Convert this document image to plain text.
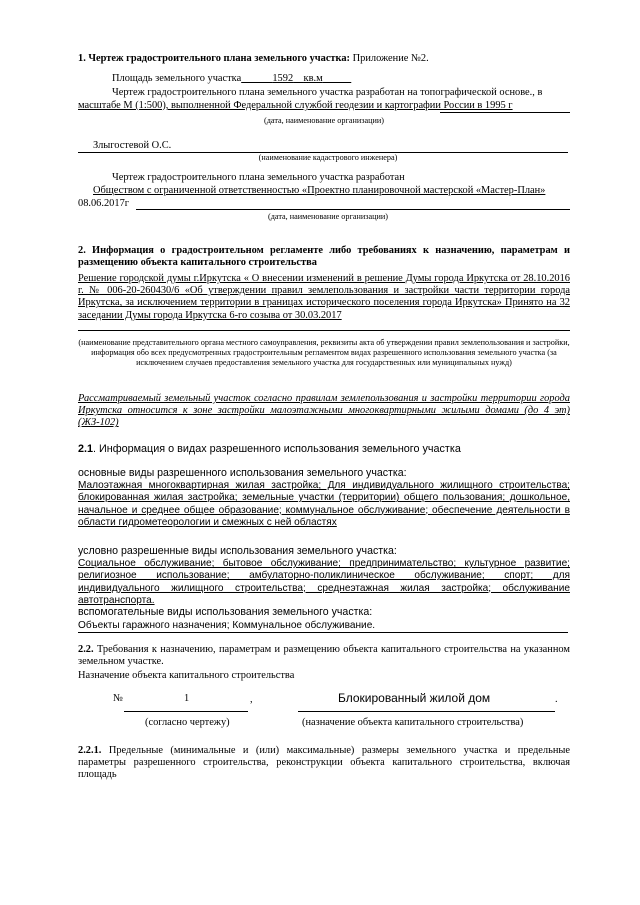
1. Чертеж градостроительного плана земельного участка: Приложение №2.
Площадь земельного участка	1592_  кв.м
Чертеж градостроительного плана земельного участка разработан на топографической основе., в
масштабе М (1:500), выполненной Федеральной службой геодезии и картографии России в 1995 г
(дата, наименование организации)
Злыгостевой О.С.
(наименование кадастрового инженера)
Чертеж градостроительного плана земельного участка разработан
Обществом с ограниченной ответственностью «Проектно планировочной мастерской «Мастер-План»
08.06.2017г
(дата, наименование организации)
2. Информация о градостроительном регламенте либо требованиях к назначению, параметрам и размещению объекта капитального строительства
Решение городской думы г.Иркутска « О внесении изменений в решение Думы города Иркутска от 28.10.2016 г. № 006-20-260430/6 «Об утверждении правил землепользования и застройки части территории города Иркутска, за исключением территории в границах исторического поселения города Иркутска» Принято на 32 заседании Думы города Иркутска 6-го созыва от 30.03.2017
(наименование представительного органа местного самоуправления, реквизиты акта об утверждении правил землепользования и застройки, информация обо всех предусмотренных градостроительным регламентом видах разрешенного использования земельного участка (за исключением случаев предоставления земельного участка для государственных или муниципальных нужд)
Рассматриваемый земельный участок согласно правилам землепользования и застройки территории города Иркутска относится к зоне застройки малоэтажными многоквартирными жилыми домами (до 4 эт) (ЖЗ-102)
2.1. Информация о видах разрешенного использования земельного участка
основные виды разрешенного использования земельного участка:
Малоэтажная многоквартирная жилая застройка; Для индивидуального жилищного строительства; блокированная жилая застройка; земельные участки (территории) общего пользования; дошкольное, начальное и среднее общее образование; коммунальное обслуживание; обеспечение деятельности в области гидрометеорологии и смежных с ней областях
условно разрешенные виды использования земельного участка:
Социальное обслуживание; бытовое обслуживание; предпринимательство; культурное развитие; религиозное использование; амбулаторно-поликлиническое обслуживание; спорт; для индивидуального жилищного строительства; среднеэтажная жилая застройка; обслуживание автотранспорта.
вспомогательные виды использования земельного участка:
Объекты гаражного назначения; Коммунальное обслуживание.
2.2. Требования к назначению, параметрам и размещению объекта капитального строительства на указанном земельном участке.
Назначение объекта капитального строительства
№	1	,	Блокированный жилой дом	.
(согласно чертежу)	(назначение объекта капитального строительства)
2.2.1. Предельные (минимальные и (или) максимальные) размеры земельного участка и предельные параметры разрешенного строительства, реконструкции объекта капитального строительства, включая площадь
